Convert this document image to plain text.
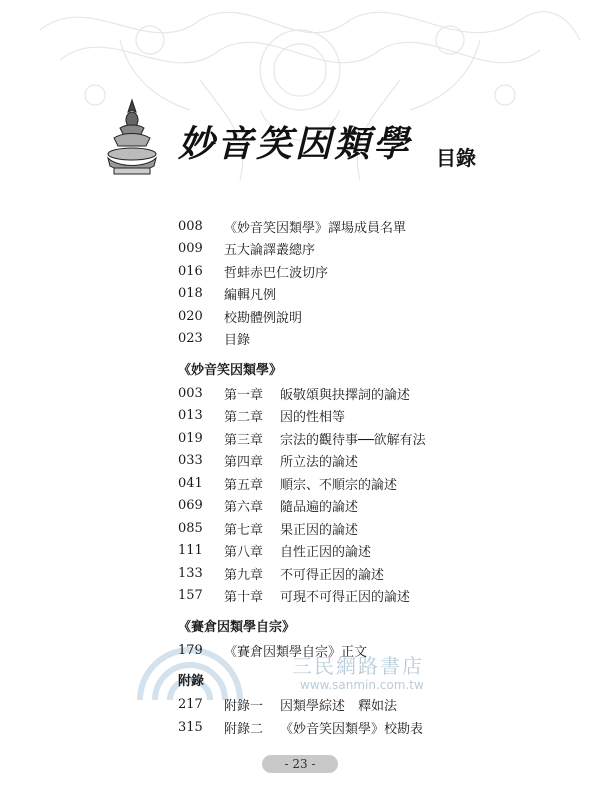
三民網路書店
www.sanmin.com.tw
妙音笑因類學 目錄
008	《妙音笑因類學》譯場成員名單
009	五大論譯叢總序
016	哲蚌赤巴仁波切序
018	編輯凡例
020	校勘體例說明
023	目錄
《妙音笑因類學》
003	第一章	皈敬頌與抉擇詞的論述
013	第二章	因的性相等
019	第三章	宗法的觀待事──欲解有法
033	第四章	所立法的論述
041	第五章	順宗、不順宗的論述
069	第六章	隨品遍的論述
085	第七章	果正因的論述
111	第八章	自性正因的論述
133	第九章	不可得正因的論述
157	第十章	可現不可得正因的論述
《賽倉因類學自宗》
179	《賽倉因類學自宗》正文
附錄
217	附錄一	因類學綜述　釋如法
315	附錄二	《妙音笑因類學》校勘表
- 23 -
